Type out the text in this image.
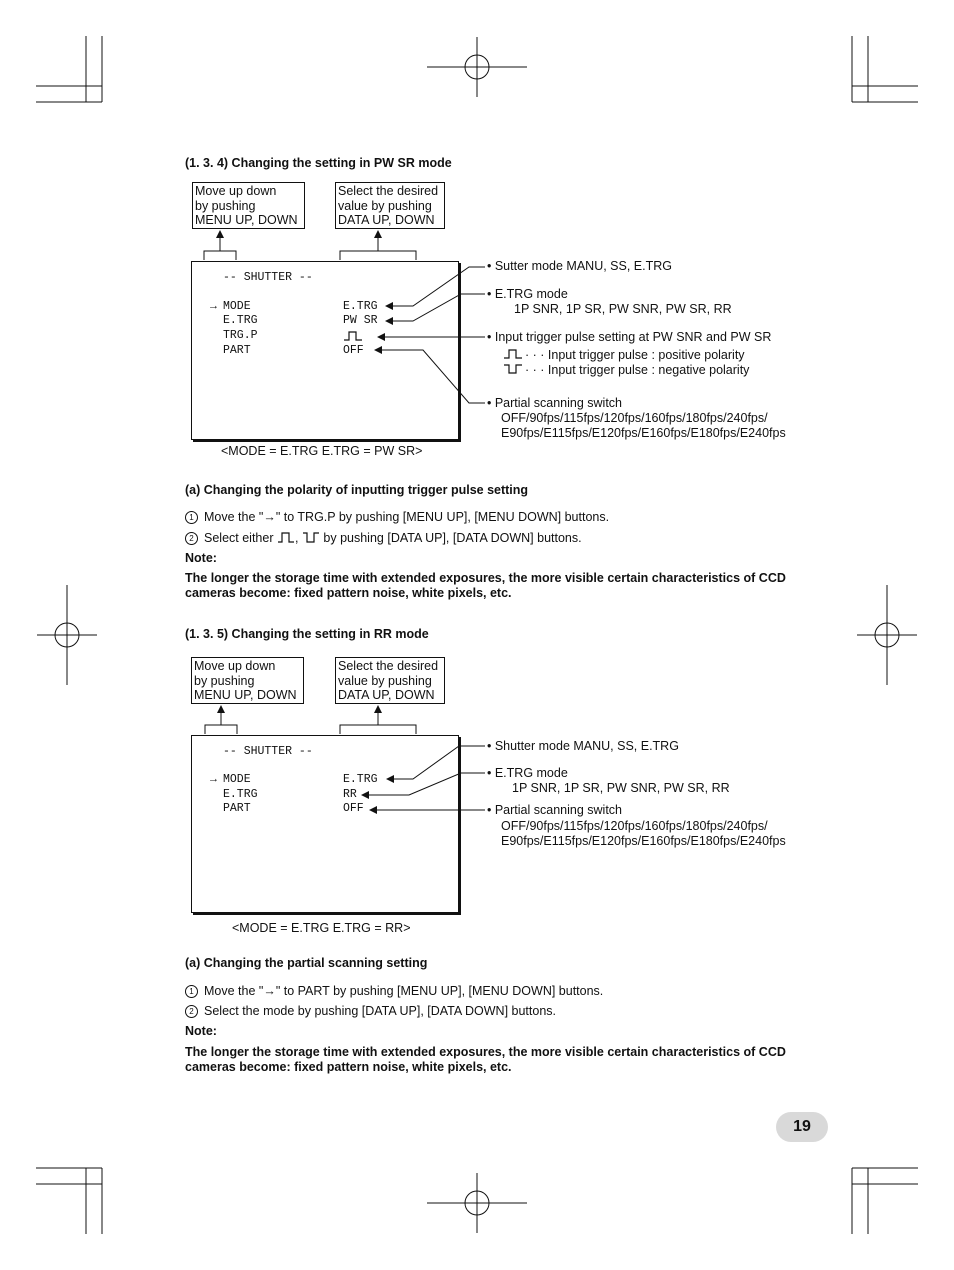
(1. 3. 4) Changing the setting in PW SR mode
Move up down
by pushing
MENU UP, DOWN
Select the desired
value by pushing
DATA UP, DOWN
-- SHUTTER --
→ MODE	E.TRG
E.TRG	PW SR
TRG.P
PART	OFF
<MODE = E.TRG E.TRG = PW SR>
• Sutter mode MANU, SS, E.TRG
• E.TRG mode
1P SNR, 1P SR, PW SNR, PW SR, RR
• Input trigger pulse setting at PW SNR and PW SR
· · · Input trigger pulse : positive polarity
· · · Input trigger pulse : negative polarity
• Partial scanning switch
OFF/90fps/115fps/120fps/160fps/180fps/240fps/
E90fps/E115fps/E120fps/E160fps/E180fps/E240fps
(a) Changing the polarity of inputting trigger pulse setting
1 Move the "→" to TRG.P by pushing [MENU UP], [MENU DOWN] buttons.
2 Select either ,  by pushing [DATA UP], [DATA DOWN] buttons.
Note:
The longer the storage time with extended exposures, the more visible certain characteristics of CCD
cameras become: fixed pattern noise, white pixels, etc.
(1. 3. 5) Changing the setting in RR mode
Move up down
by pushing
MENU UP, DOWN
Select the desired
value by pushing
DATA UP, DOWN
-- SHUTTER --
→ MODE	E.TRG
E.TRG	RR
PART	OFF
<MODE = E.TRG E.TRG = RR>
• Shutter mode MANU, SS, E.TRG
• E.TRG mode
1P SNR, 1P SR, PW SNR, PW SR, RR
• Partial scanning switch
OFF/90fps/115fps/120fps/160fps/180fps/240fps/
E90fps/E115fps/E120fps/E160fps/E180fps/E240fps
(a) Changing the partial scanning setting
1 Move the "→" to PART by pushing [MENU UP], [MENU DOWN] buttons.
2 Select the mode by pushing [DATA UP], [DATA DOWN] buttons.
Note:
The longer the storage time with extended exposures, the more visible certain characteristics of CCD
cameras become: fixed pattern noise, white pixels, etc.
19
